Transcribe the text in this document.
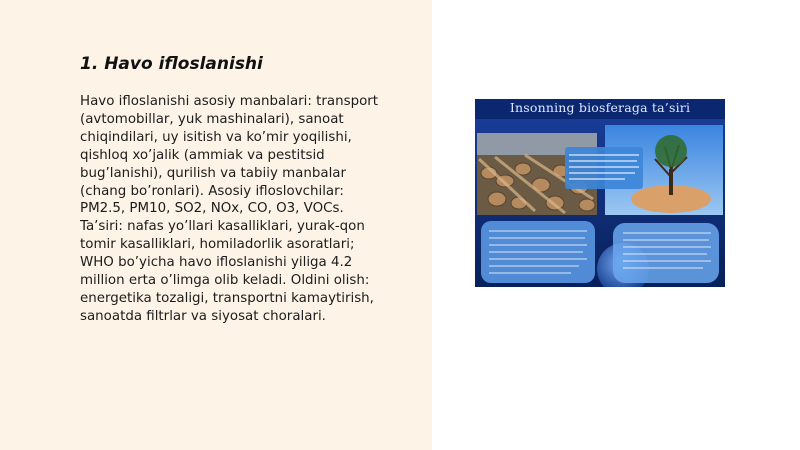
1. Havo ifloslanishi

Havo ifloslanishi asosiy manbalari: transport
(avtomobillar, yuk mashinalari), sanoat
chiqindilari, uy isitish va ko’mir yoqilishi,
qishloq xo’jalik (ammiak va pestitsid
bug’lanishi), qurilish va tabiiy manbalar
(chang bo’ronlari). Asosiy ifloslovchilar:
PM2.5, PM10, SO2, NOx, CO, O3, VOCs.
Ta’siri: nafas yo’llari kasalliklari, yurak-qon
tomir kasalliklari, homiladorlik asoratlari;
WHO bo’yicha havo ifloslanishi yiliga 4.2
million erta o’limga olib keladi. Oldini olish:
energetika tozaligi, transportni kamaytirish,
sanoatda filtrlar va siyosat choralari.

Insonning biosferaga ta’siri
